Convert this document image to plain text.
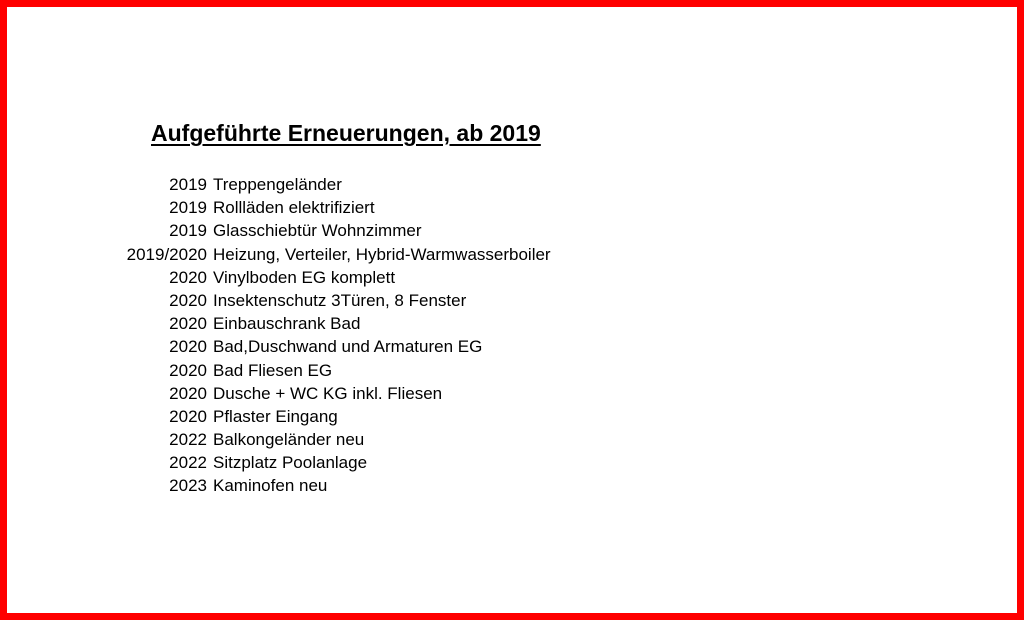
Aufgeführte Erneuerungen, ab 2019
2019 Treppengeländer
2019 Rollläden elektrifiziert
2019 Glasschiebtür Wohnzimmer
2019/2020 Heizung, Verteiler, Hybrid-Warmwasserboiler
2020 Vinylboden EG komplett
2020 Insektenschutz 3Türen, 8 Fenster
2020 Einbauschrank Bad
2020 Bad,Duschwand und Armaturen EG
2020 Bad Fliesen EG
2020 Dusche + WC KG inkl. Fliesen
2020 Pflaster Eingang
2022 Balkongeländer neu
2022 Sitzplatz Poolanlage
2023 Kaminofen neu
